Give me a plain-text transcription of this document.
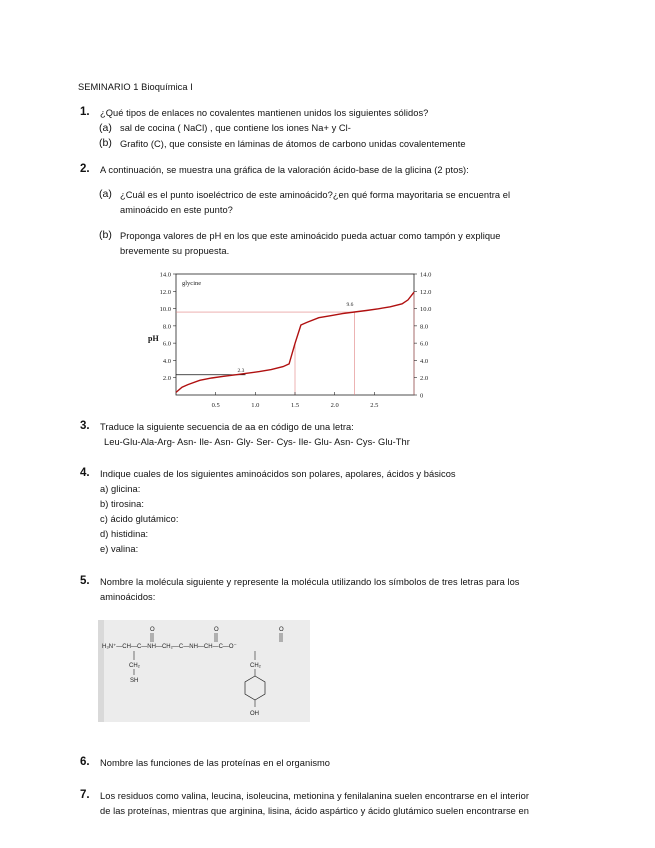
SEMINARIO 1 Bioquímica I
1. ¿Qué tipos de enlaces no covalentes mantienen unidos los siguientes sólidos?
(a) sal de cocina ( NaCl) , que contiene los iones Na+ y Cl-
(b) Grafito (C), que consiste en láminas de átomos de carbono unidas covalentemente
2. A continuación, se muestra una gráfica de la valoración ácido-base de la glicina (2 ptos):
(a) ¿Cuál es el punto isoeléctrico de este aminoácido?¿en qué forma mayoritaria se encuentra el
aminoácido en este punto?
(b) Proponga valores de pH en los que este aminoácido pueda actuar como tampón y explique
brevemente su propuesta.
14.0
12.0
10.0
8.0
6.0
4.0
2.0
14.0
12.0
10.0
8.0
6.0
4.0
2.0
0
0.5	1.0	1.5	2.0	2.5
glycine
pH
2.3
9.6
3. Traduce la siguiente secuencia de aa en código de una letra:
Leu-Glu-Ala-Arg- Asn- Ile- Asn- Gly- Ser- Cys- Ile- Glu- Asn- Cys- Glu-Thr
4. Indique cuales de los siguientes aminoácidos son polares, apolares, ácidos y básicos
a) glicina:
b) tirosina:
c) ácido glutámico:
d) histidina:
e) valina:
5. Nombre la molécula siguiente y represente la molécula utilizando los símbolos de tres letras para los
aminoácidos:
H₃N⁺—CH—C—NH—CH₂—C—NH—CH—C—O⁻
O	O	O
CH₂
SH
CH₂
OH
6. Nombre las funciones de las proteínas en el organismo
7. Los residuos como valina, leucina, isoleucina, metionina y fenilalanina suelen encontrarse en el interior
de las proteínas, mientras que arginina, lisina, ácido aspártico y ácido glutámico suelen encontrarse en
